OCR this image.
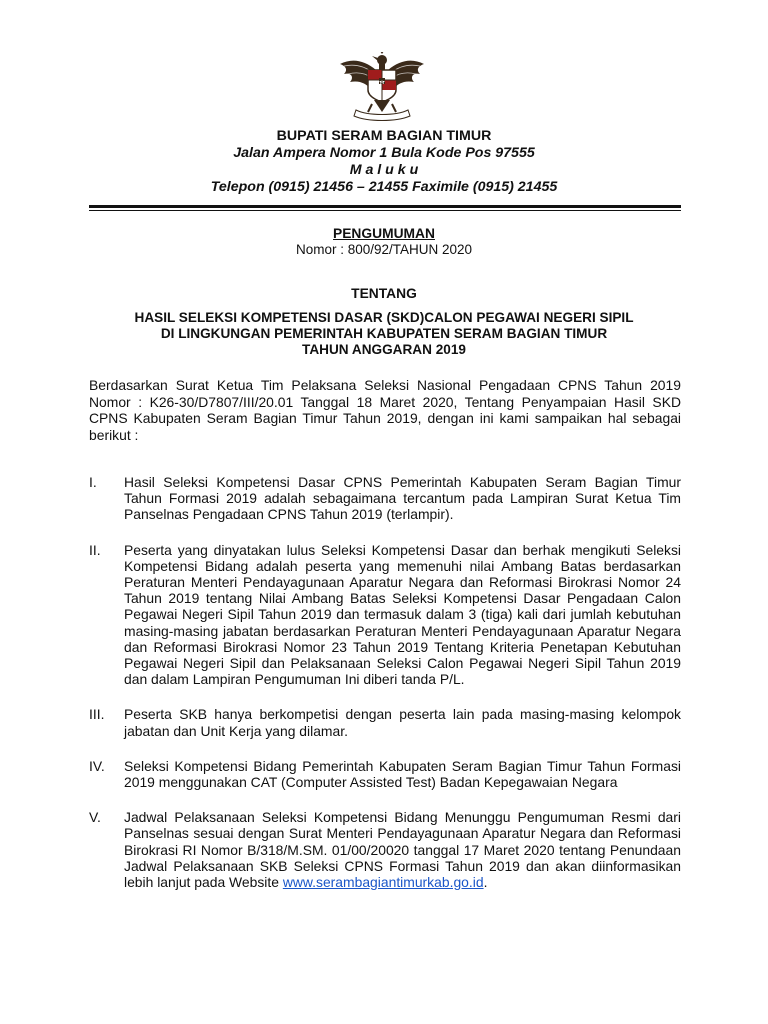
BUPATI SERAM BAGIAN TIMUR
Jalan Ampera Nomor 1 Bula Kode Pos 97555
M a l u k u
Telepon (0915) 21456 – 21455 Faximile (0915) 21455
PENGUMUMAN
Nomor : 800/92/TAHUN 2020
TENTANG
HASIL SELEKSI KOMPETENSI DASAR (SKD)CALON PEGAWAI NEGERI SIPIL
DI LINGKUNGAN PEMERINTAH KABUPATEN SERAM BAGIAN TIMUR
TAHUN ANGGARAN 2019
Berdasarkan Surat Ketua Tim Pelaksana Seleksi Nasional Pengadaan CPNS Tahun 2019 Nomor : K26-30/D7807/III/20.01 Tanggal 18 Maret 2020, Tentang Penyampaian Hasil SKD CPNS Kabupaten Seram Bagian Timur Tahun 2019, dengan ini kami sampaikan hal sebagai berikut :
I. Hasil Seleksi Kompetensi Dasar CPNS Pemerintah Kabupaten Seram Bagian Timur Tahun Formasi 2019 adalah sebagaimana tercantum pada Lampiran Surat Ketua Tim Panselnas Pengadaan CPNS Tahun 2019 (terlampir).
II. Peserta yang dinyatakan lulus Seleksi Kompetensi Dasar dan berhak mengikuti Seleksi Kompetensi Bidang adalah peserta yang memenuhi nilai Ambang Batas berdasarkan Peraturan Menteri Pendayagunaan Aparatur Negara dan Reformasi Birokrasi Nomor 24 Tahun 2019 tentang Nilai Ambang Batas Seleksi Kompetensi Dasar Pengadaan Calon Pegawai Negeri Sipil Tahun 2019 dan termasuk dalam 3 (tiga) kali dari jumlah kebutuhan masing-masing jabatan berdasarkan Peraturan Menteri Pendayagunaan Aparatur Negara dan Reformasi Birokrasi Nomor 23 Tahun 2019 Tentang Kriteria Penetapan Kebutuhan Pegawai Negeri Sipil dan Pelaksanaan Seleksi Calon Pegawai Negeri Sipil Tahun 2019 dan dalam Lampiran Pengumuman Ini diberi tanda P/L.
III. Peserta SKB hanya berkompetisi dengan peserta lain pada masing-masing kelompok jabatan dan Unit Kerja yang dilamar.
IV. Seleksi Kompetensi Bidang Pemerintah Kabupaten Seram Bagian Timur Tahun Formasi 2019 menggunakan CAT (Computer Assisted Test) Badan Kepegawaian Negara
V. Jadwal Pelaksanaan Seleksi Kompetensi Bidang Menunggu Pengumuman Resmi dari Panselnas sesuai dengan Surat Menteri Pendayagunaan Aparatur Negara dan Reformasi Birokrasi RI Nomor B/318/M.SM. 01/00/20020 tanggal 17 Maret 2020 tentang Penundaan Jadwal Pelaksanaan SKB Seleksi CPNS Formasi Tahun 2019 dan akan diinformasikan lebih lanjut pada Website www.serambagiantimurkab.go.id.
